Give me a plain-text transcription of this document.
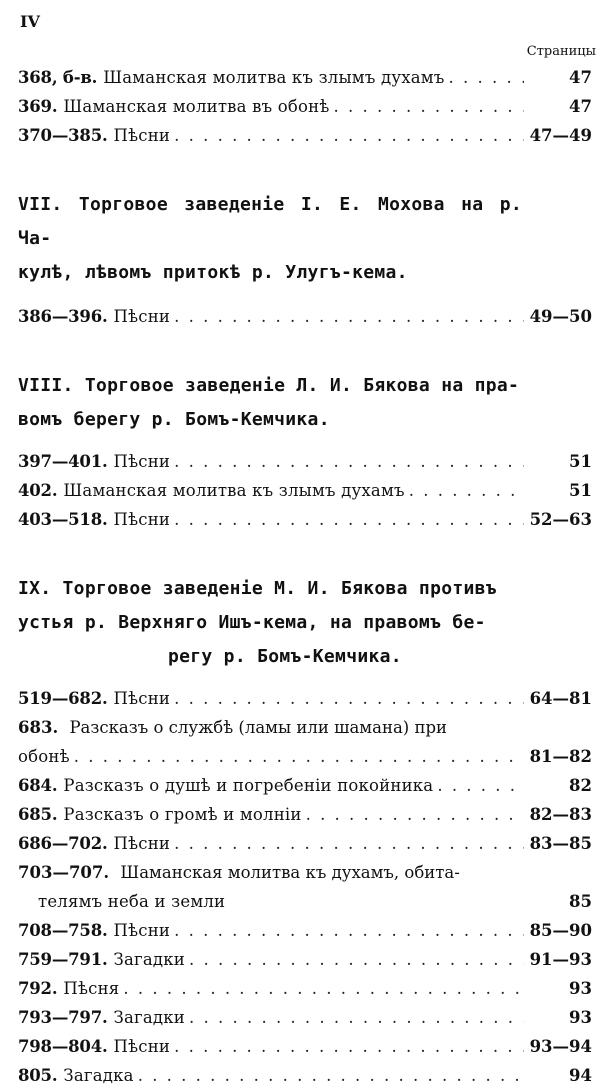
IV
Страницы
368, б-в. Шаманская молитва къ злымъ духамъ . . .	47
369. Шаманская молитва въ обонѣ . . .	47
370—385. Пѣсни . . .	47—49
VII. Торговое заведеніе I. Е. Мохова на р. Ча-
кулѣ, лѣвомъ притокѣ р. Улугъ-кема.
386—396. Пѣсни . . .	49—50
VIII. Торговое заведеніе Л. И. Бякова на пра-
вомъ берегу р. Бомъ-Кемчика.
397—401. Пѣсни . . .	51
402. Шаманская молитва къ злымъ духамъ . . .	51
403—518. Пѣсни . . .	52—63
IX. Торговое заведеніе М. И. Бякова противъ
устья р. Верхняго Ишъ-кема, на правомъ бе-
регу р. Бомъ-Кемчика.
519—682. Пѣсни . . .	64—81
683. Разсказъ о службѣ (ламы или шамана) при
обонѣ . . .	81—82
684. Разсказъ о душѣ и погребеніи покойника . . .	82
685. Разсказъ о громѣ и молніи . . .	82—83
686—702. Пѣсни . . .	83—85
703—707. Шаманская молитва къ духамъ, обита-
телямъ неба и земли	85
708—758. Пѣсни . . .	85—90
759—791. Загадки . . .	91—93
792. Пѣсня . . .	93
793—797. Загадки . . .	93
798—804. Пѣсни . . .	93—94
805. Загадка . . .	94
